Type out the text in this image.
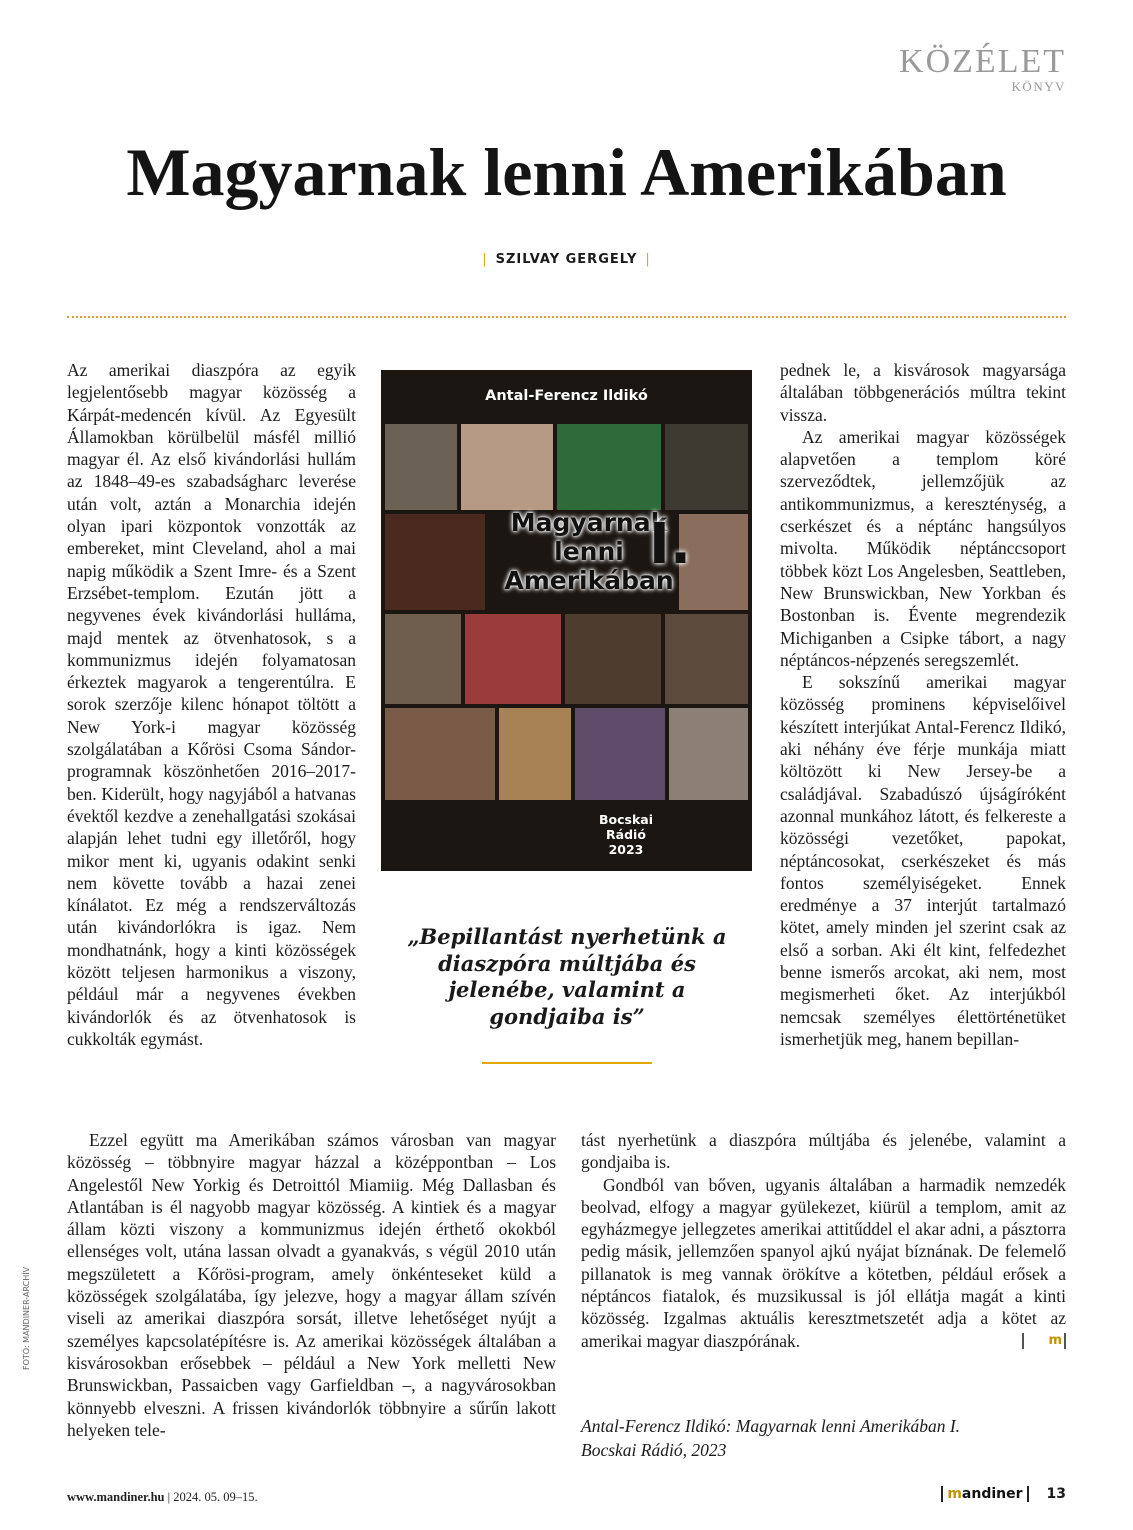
KÖZÉLET
KÖNYV
Magyarnak lenni Amerikában
| SZILVAY GERGELY |

Az amerikai diaszpóra az egyik legjelentősebb magyar közösség a Kárpát-medencén kívül. Az Egyesült Államokban körülbelül másfél millió magyar él. Az első kivándorlási hullám az 1848–49-es szabadságharc leverése után volt, aztán a Monarchia idején olyan ipari központok vonzották az embereket, mint Cleveland, ahol a mai napig működik a Szent Imre- és a Szent Erzsébet-templom. Ezután jött a negyvenes évek kivándorlási hulláma, majd mentek az ötvenhatosok, s a kommunizmus idején folyamatosan érkeztek magyarok a tengerentúlra. E sorok szerzője kilenc hónapot töltött a New York-i magyar közösség szolgálatában a Kőrösi Csoma Sándor-programnak köszönhetően 2016–2017-ben. Kiderült, hogy nagyjából a hatvanas évektől kezdve a zenehallgatási szokásai alapján lehet tudni egy illetőről, hogy mikor ment ki, ugyanis odakint senki nem követte tovább a hazai zenei kínálatot. Ez még a rendszerváltozás után kivándorlókra is igaz. Nem mondhatnánk, hogy a kinti közösségek között teljesen harmonikus a viszony, például már a negyvenes években kivándorlók és az ötvenhatosok is cukkolták egymást.

Ezzel együtt ma Amerikában számos városban van magyar közösség – többnyire magyar házzal a középpontban – Los Angelestől New Yorkig és Detroittól Miamiig. Még Dallasban és Atlantában is él nagyobb magyar közösség. A kintiek és a magyar állam közti viszony a kommunizmus idején érthető okokból ellenséges volt, utána lassan olvadt a gyanakvás, s végül 2010 után megszületett a Kőrösi-program, amely önkénteseket küld a közösségek szolgálatába, így jelezve, hogy a magyar állam szívén viseli az amerikai diaszpóra sorsát, illetve lehetőséget nyújt a személyes kapcsolatépítésre is. Az amerikai közösségek általában a kisvárosokban erősebbek – például a New York melletti New Brunswickban, Passaicben vagy Garfieldban –, a nagyvárosokban könnyebb elveszni. A frissen kivándorlók többnyire a sűrűn lakott helyeken tele-

pednek le, a kisvárosok magyarsága általában többgenerációs múltra tekint vissza.

Az amerikai magyar közösségek alapvetően a templom köré szerveződtek, jellemzőjük az antikommunizmus, a kereszténység, a cserkészet és a néptánc hangsúlyos mivolta. Működik néptánccsoport többek közt Los Angelesben, Seattleben, New Brunswickban, New Yorkban és Bostonban is. Évente megrendezik Michiganben a Csipke tábort, a nagy néptáncos-népzenés seregszemlét.

E sokszínű amerikai magyar közösség prominens képviselőivel készített interjúkat Antal-Ferencz Ildikó, aki néhány éve férje munkája miatt költözött ki New Jersey-be a családjával. Szabadúszó újságíróként azonnal munkához látott, és felkereste a közösségi vezetőket, papokat, néptáncosokat, cserkészeket és más fontos személyiségeket. Ennek eredménye a 37 interjút tartalmazó kötet, amely minden jel szerint csak az első a sorban. Aki élt kint, felfedezhet benne ismerős arcokat, aki nem, most megismerheti őket. Az interjúkból nemcsak személyes élettörténetüket ismerhetjük meg, hanem bepillan-

tást nyerhetünk a diaszpóra múltjába és jelenébe, valamint a gondjaiba is.

Gondból van bőven, ugyanis általában a harmadik nemzedék beolvad, elfogy a magyar gyülekezet, kiürül a templom, amit az egyházmegye jellegzetes amerikai attitűddel el akar adni, a pásztorra pedig másik, jellemzően spanyol ajkú nyájat bíznának. De felemelő pillanatok is meg vannak örökítve a kötetben, például erősek a néptáncos fiatalok, és muzsikussal is jól ellátja magát a kinti közösség. Izgalmas aktuális keresztmetszetét adja a kötet az amerikai magyar diaszpórának.	m

Antal-Ferencz Ildikó
Magyarnak
lenni
Amerikában
I.
Bocskai
Rádió
2023
„Bepillantást nyerhetünk a diaszpóra múltjába és jelenébe, valamint a gondjaiba is”
Antal-Ferencz Ildikó: Magyarnak lenni Amerikában I.
Bocskai Rádió, 2023
FOTÓ: MANDINER-ARCHÍV
www.mandiner.hu | 2024. 05. 09–15.	mandiner 13
